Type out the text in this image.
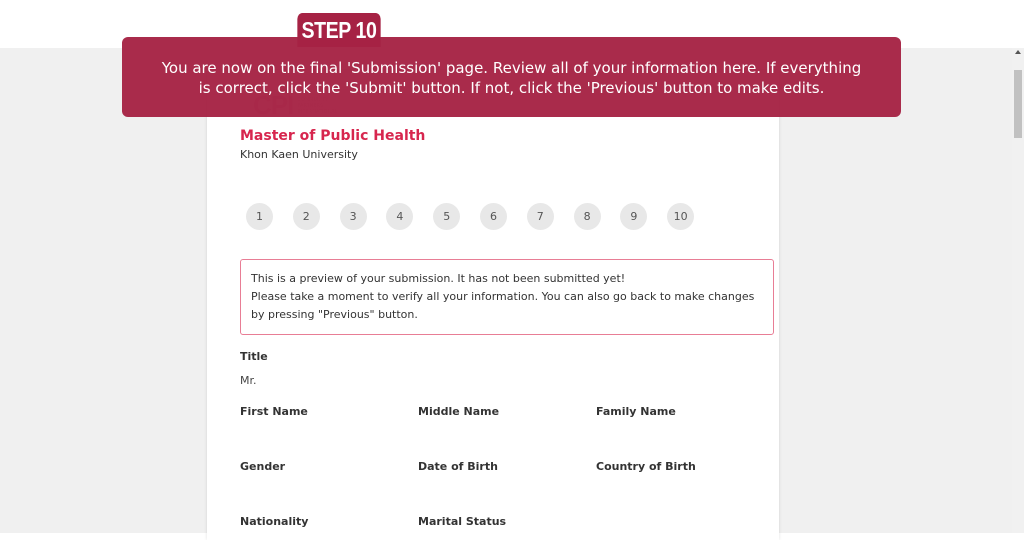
Master of Public Health
Khon Kaen University
1	2	3	4	5	6	7	8	9	10
This is a preview of your submission. It has not been submitted yet!
Please take a moment to verify all your information. You can also go back to make changes by pressing "Previous" button.
Title
Mr.
First Name	Middle Name	Family Name
Gender	Date of Birth	Country of Birth
Nationality	Marital Status
You are now on the final 'Submission' page. Review all of your information here. If everything
is correct, click the 'Submit' button. If not, click the 'Previous' button to make edits.
STEP 10
